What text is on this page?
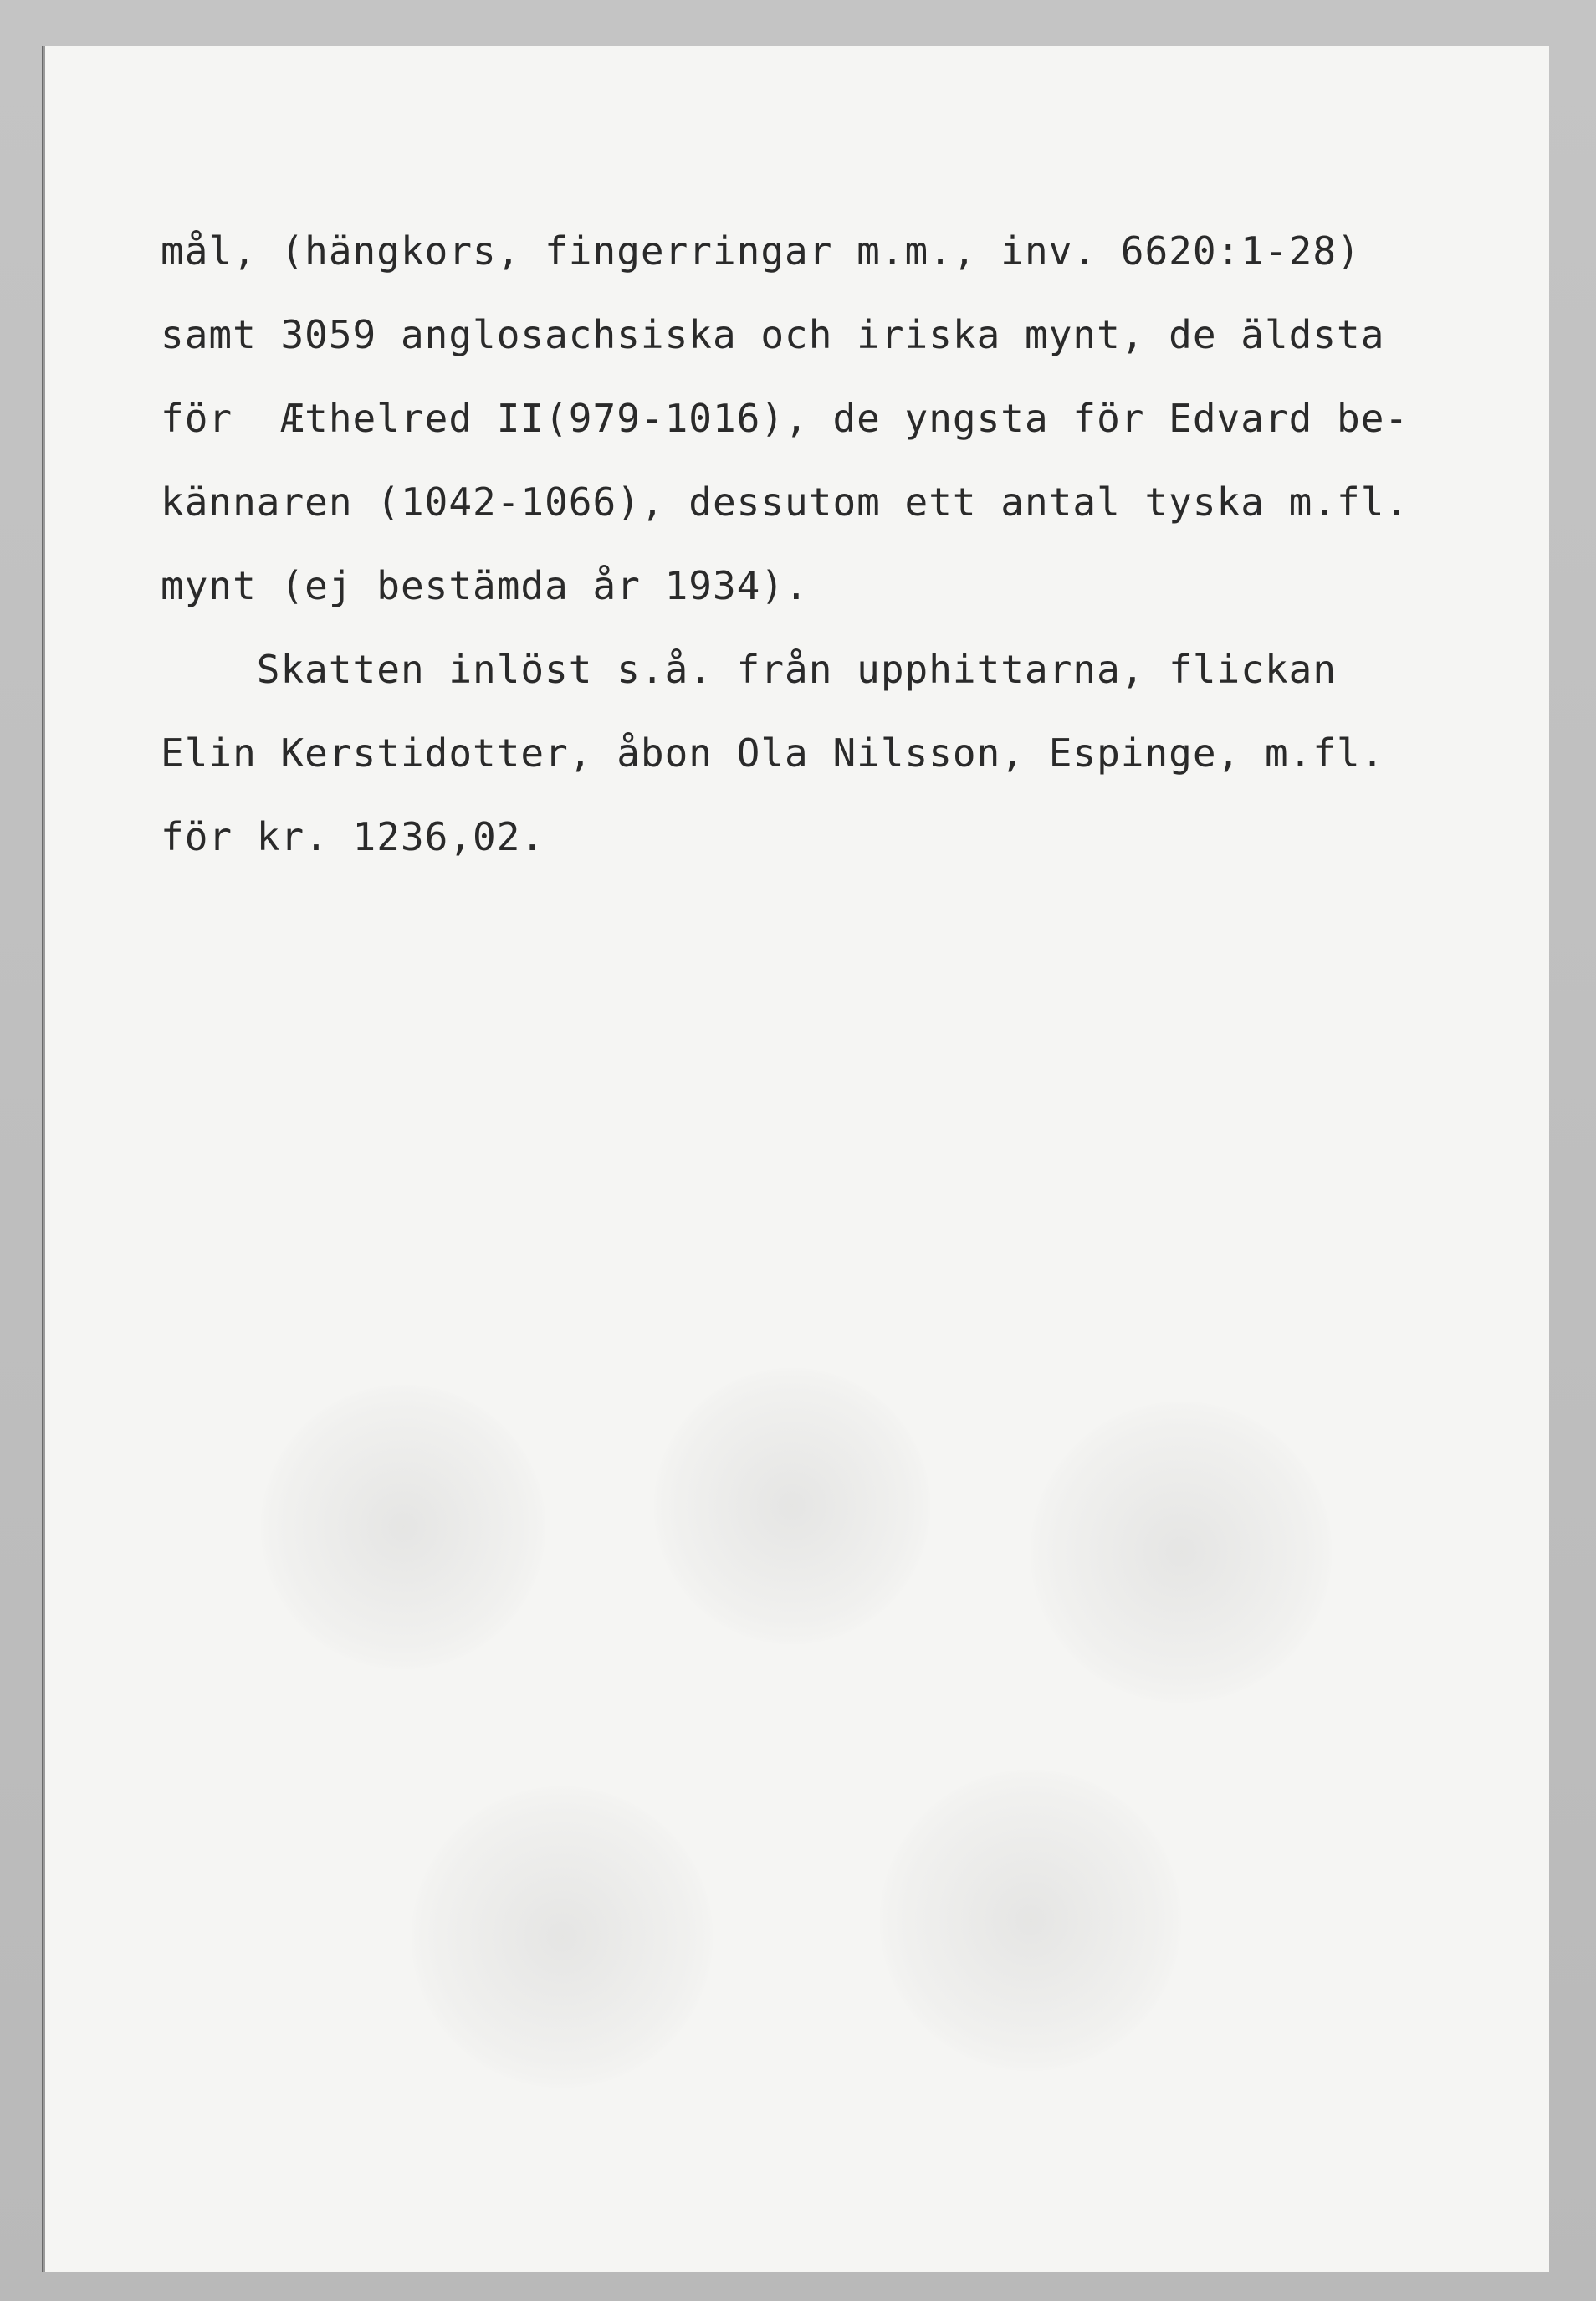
mål, (hängkors, fingerringar m.m., inv. 6620:1-28)
samt 3059 anglosachsiska och iriska mynt, de äldsta
för  Æthelred II(979-1016), de yngsta för Edvard be-
kännaren (1042-1066), dessutom ett antal tyska m.fl.
mynt (ej bestämda år 1934).
Skatten inlöst s.å. från upphittarna, flickan
Elin Kerstidotter, åbon Ola Nilsson, Espinge, m.fl.
för kr. 1236,02.
